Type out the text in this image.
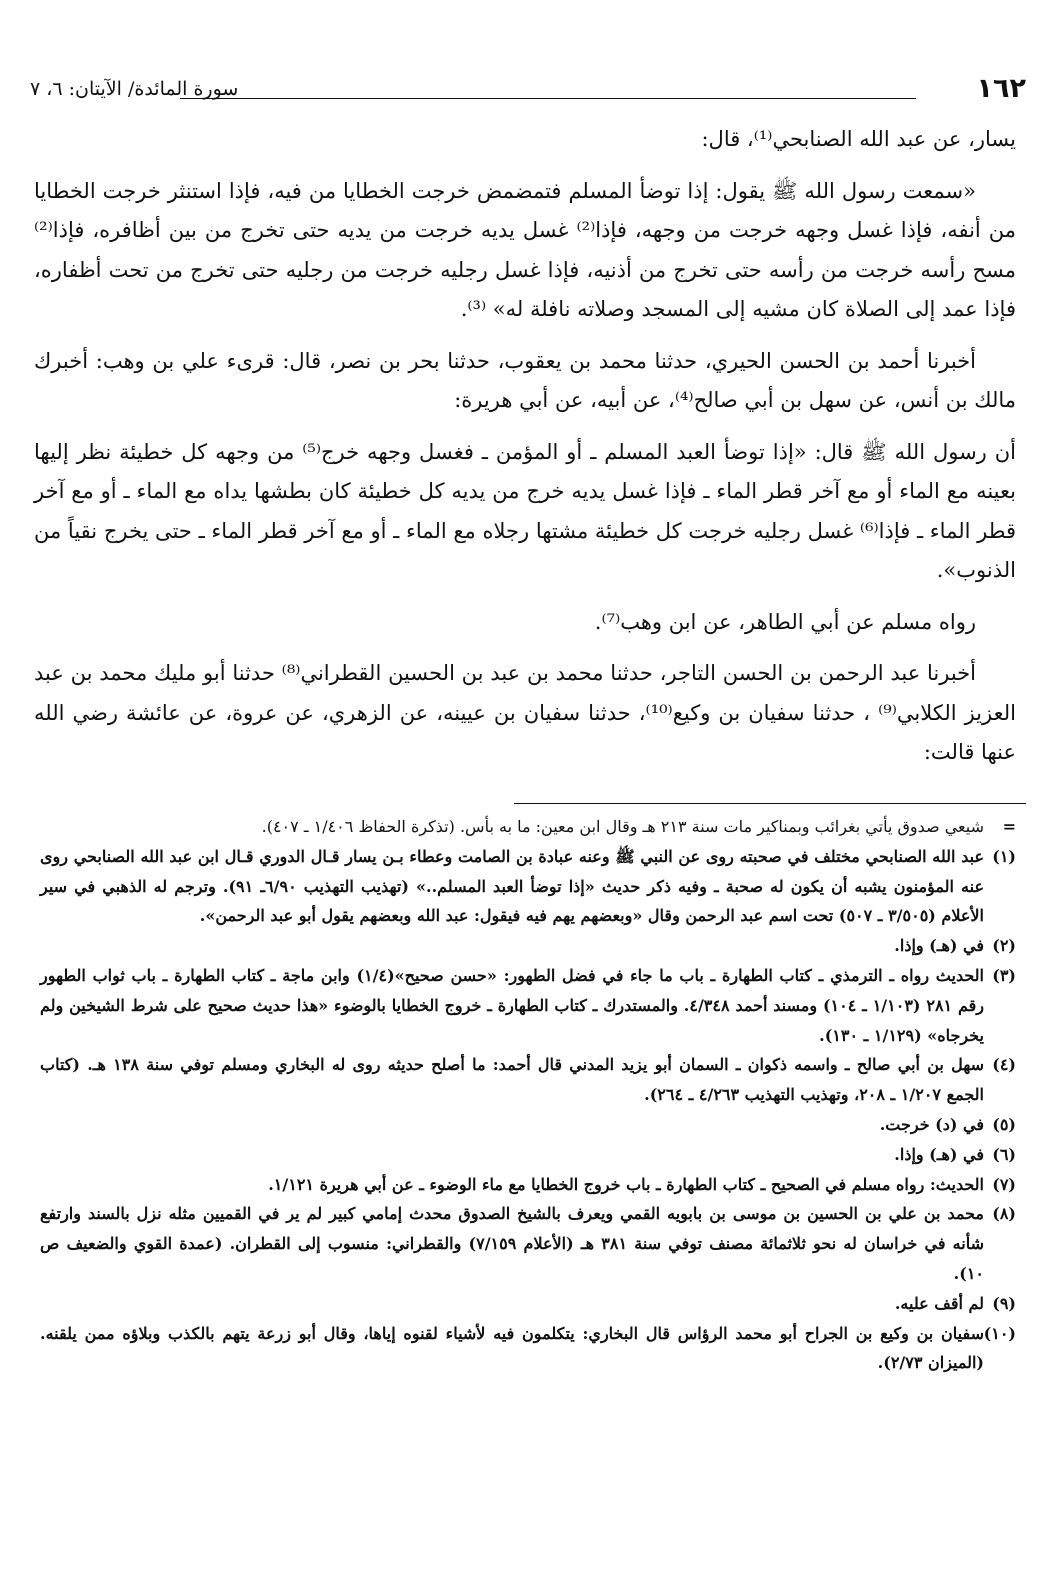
١٦٢
سورة المائدة/ الآيتان: ٦، ٧

يسار، عن عبد الله الصنابحي⁽¹⁾، قال:

«سمعت رسول الله ﷺ يقول: إذا توضأ المسلم فتمضمض خرجت الخطايا من فيه، فإذا استنثر خرجت الخطايا من أنفه، فإذا غسل وجهه خرجت من وجهه، فإذا⁽²⁾ غسل يديه خرجت من يديه حتى تخرج من بين أظافره، فإذا⁽²⁾ مسح رأسه خرجت من رأسه حتى تخرج من أذنيه، فإذا غسل رجليه خرجت من رجليه حتى تخرج من تحت أظفاره، فإذا عمد إلى الصلاة كان مشيه إلى المسجد وصلاته نافلة له» ⁽³⁾.

أخبرنا أحمد بن الحسن الحيري، حدثنا محمد بن يعقوب، حدثنا بحر بن نصر، قال: قرىء علي بن وهب: أخبرك مالك بن أنس، عن سهل بن أبي صالح⁽⁴⁾، عن أبيه، عن أبي هريرة:

أن رسول الله ﷺ قال: «إذا توضأ العبد المسلم ـ أو المؤمن ـ فغسل وجهه خرج⁽⁵⁾ من وجهه كل خطيئة نظر إليها بعينه مع الماء أو مع آخر قطر الماء ـ فإذا غسل يديه خرج من يديه كل خطيئة كان بطشها يداه مع الماء ـ أو مع آخر قطر الماء ـ فإذا⁽⁶⁾ غسل رجليه خرجت كل خطيئة مشتها رجلاه مع الماء ـ أو مع آخر قطر الماء ـ حتى يخرج نقياً من الذنوب».

رواه مسلم عن أبي الطاهر، عن ابن وهب⁽⁷⁾.

أخبرنا عبد الرحمن بن الحسن التاجر، حدثنا محمد بن عبد بن الحسين القطراني⁽⁸⁾ حدثنا أبو مليك محمد بن عبد العزيز الكلابي⁽⁹⁾ ، حدثنا سفيان بن وكيع⁽¹⁰⁾، حدثنا سفيان بن عيينه، عن الزهري، عن عروة، عن عائشة رضي الله عنها قالت:

=
شيعي صدوق يأتي بغرائب وبمناكير مات سنة ٢١٣ هـ وقال ابن معين: ما به بأس. (تذكرة الحفاظ ١/٤٠٦ ـ ٤٠٧).
(١)
عبد الله الصنابحي مختلف في صحبته روى عن النبي ﷺ وعنه عبادة بن الصامت وعطاء بـن يسار قـال الدوري قـال ابن عبد الله الصنابحي روى عنه المؤمنون يشبه أن يكون له صحبة ـ وفيه ذكر حديث «إذا توضأ العبد المسلم..» (تهذيب التهذيب ٦/٩٠ـ ٩١). وترجم له الذهبي في سير الأعلام (٣/٥٠٥ ـ ٥٠٧) تحت اسم عبد الرحمن وقال «وبعضهم يهم فيه فيقول: عبد الله وبعضهم يقول أبو عبد الرحمن».
(٢)
في (هـ) وإذا.
(٣)
الحديث رواه ـ الترمذي ـ كتاب الطهارة ـ باب ما جاء في فضل الطهور: «حسن صحيح»(١/٤) وابن ماجة ـ كتاب الطهارة ـ باب ثواب الطهور رقم ٢٨١ (١/١٠٣ ـ ١٠٤) ومسند أحمد ٤/٣٤٨. والمستدرك ـ كتاب الطهارة ـ خروج الخطايا بالوضوء «هذا حديث صحيح على شرط الشيخين ولم يخرجاه» (١/١٢٩ ـ ١٣٠).
(٤)
سهل بن أبي صالح ـ واسمه ذكوان ـ السمان أبو يزيد المدني قال أحمد: ما أصلح حديثه روى له البخاري ومسلم توفي سنة ١٣٨ هـ. (كتاب الجمع ١/٢٠٧ ـ ٢٠٨، وتهذيب التهذيب ٤/٢٦٣ ـ ٢٦٤).
(٥)
في (د) خرجت.
(٦)
في (هـ) وإذا.
(٧)
الحديث: رواه مسلم في الصحيح ـ كتاب الطهارة ـ باب خروج الخطايا مع ماء الوضوء ـ عن أبي هريرة ١/١٢١.
(٨)
محمد بن علي بن الحسين بن موسى بن بابويه القمي ويعرف بالشيخ الصدوق محدث إمامي كبير لم ير في القميين مثله نزل بالسند وارتفع شأنه في خراسان له نحو ثلاثمائة مصنف توفي سنة ٣٨١ هـ (الأعلام ٧/١٥٩) والقطراني: منسوب إلى القطران. (عمدة القوي والضعيف ص ١٠).
(٩)
لم أقف عليه.
(١٠)
سفيان بن وكيع بن الجراح أبو محمد الرؤاس قال البخاري: يتكلمون فيه لأشياء لقنوه إياها، وقال أبو زرعة يتهم بالكذب وبلاؤه ممن يلقنه. (الميزان ٢/٧٣).
